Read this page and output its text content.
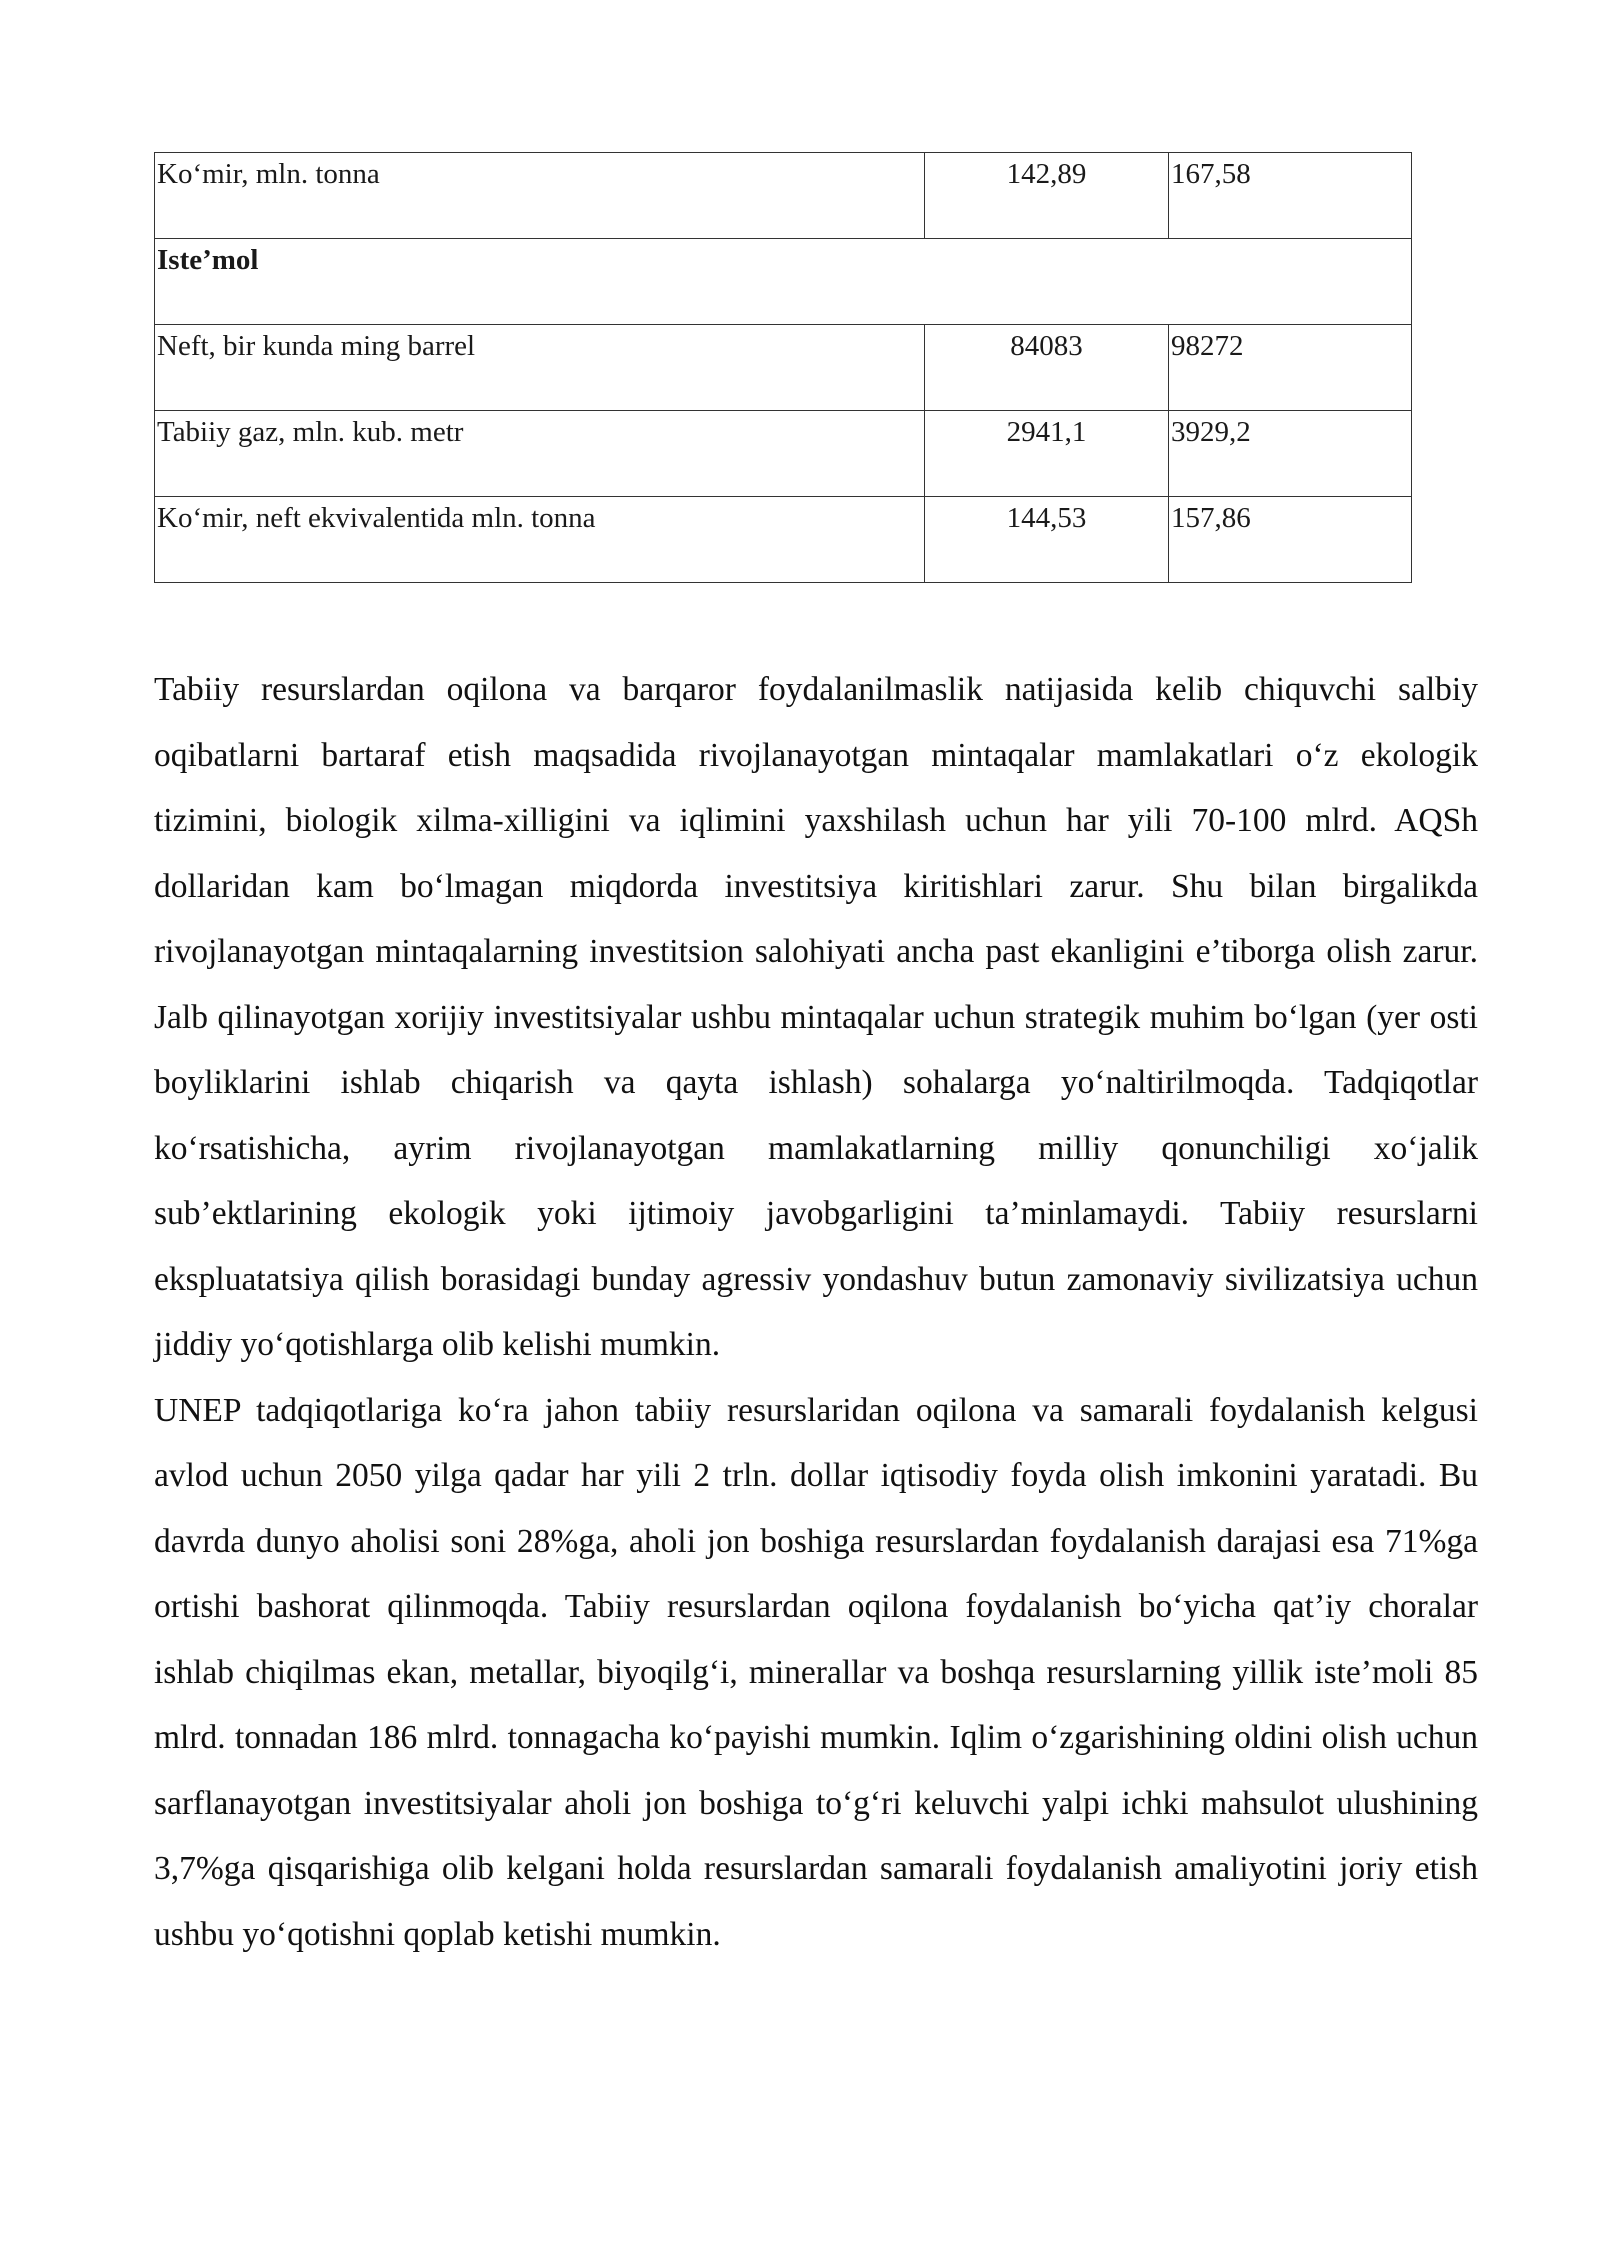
Ko‘mir, mln. tonna	142,89	167,58
Iste’mol		
Neft, bir kunda ming barrel	84083	98272
Tabiiy gaz, mln. kub. metr	2941,1	3929,2
Ko‘mir, neft ekvivalentida mln. tonna	144,53	157,86

Tabiiy resurslardan oqilona va barqaror foydalanilmaslik natijasida kelib chiquvchi salbiy oqibatlarni bartaraf etish maqsadida rivojlanayotgan mintaqalar mamlakatlari o‘z ekologik tizimini, biologik xilma-xilligini va iqlimini yaxshilash uchun har yili 70-100 mlrd. AQSh dollaridan kam bo‘lmagan miqdorda investitsiya kiritishlari zarur. Shu bilan birgalikda rivojlanayotgan mintaqalarning investitsion salohiyati ancha past ekanligini e’tiborga olish zarur. Jalb qilinayotgan xorijiy investitsiyalar ushbu mintaqalar uchun strategik muhim bo‘lgan (yer osti boyliklarini ishlab chiqarish va qayta ishlash) sohalarga yo‘naltirilmoqda. Tadqiqotlar ko‘rsatishicha, ayrim rivojlanayotgan mamlakatlarning milliy qonunchiligi xo‘jalik sub’ektlarining ekologik yoki ijtimoiy javobgarligini ta’minlamaydi. Tabiiy resurslarni ekspluatatsiya qilish borasidagi bunday agressiv yondashuv butun zamonaviy sivilizatsiya uchun jiddiy yo‘qotishlarga olib kelishi mumkin.

UNEP tadqiqotlariga ko‘ra jahon tabiiy resurslaridan oqilona va samarali foydalanish kelgusi avlod uchun 2050 yilga qadar har yili 2 trln. dollar iqtisodiy foyda olish imkonini yaratadi. Bu davrda dunyo aholisi soni 28%ga, aholi jon boshiga resurslardan foydalanish darajasi esa 71%ga ortishi bashorat qilinmoqda. Tabiiy resurslardan oqilona foydalanish bo‘yicha qat’iy choralar ishlab chiqilmas ekan, metallar, biyoqilg‘i, minerallar va boshqa resurslarning yillik iste’moli 85 mlrd. tonnadan 186 mlrd. tonnagacha ko‘payishi mumkin. Iqlim o‘zgarishining oldini olish uchun sarflanayotgan investitsiyalar aholi jon boshiga to‘g‘ri keluvchi yalpi ichki mahsulot ulushining 3,7%ga qisqarishiga olib kelgani holda resurslardan samarali foydalanish amaliyotini joriy etish ushbu yo‘qotishni qoplab ketishi mumkin.
